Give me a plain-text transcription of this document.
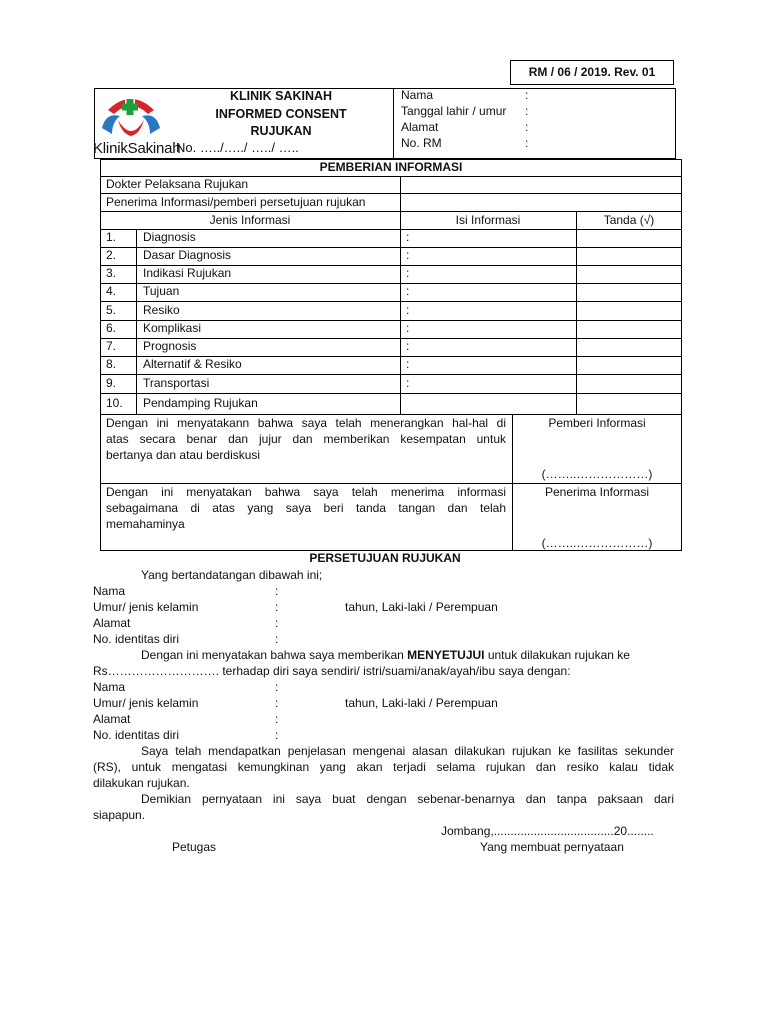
RM / 06 / 2019. Rev. 01
KlinikSakinah
KLINIK SAKINAH
INFORMED CONSENT
RUJUKAN
No. …../…../ …../ …..
Nama	:
Tanggal lahir / umur :
Alamat	:
No. RM	:
PEMBERIAN INFORMASI
Dokter Pelaksana Rujukan
Penerima Informasi/pemberi persetujuan rujukan
Jenis Informasi	Isi Informasi	Tanda (√)
1. Diagnosis	:
2. Dasar Diagnosis	:
3. Indikasi Rujukan	:
4. Tujuan	:
5. Resiko	:
6. Komplikasi	:
7. Prognosis	:
8. Alternatif & Resiko	:
9. Transportasi	:
10. Pendamping Rujukan
Dengan ini menyatakann bahwa saya telah menerangkan hal-hal di
atas secara benar dan jujur dan memberikan kesempatan untuk
bertanya dan atau berdiskusi
Pemberi Informasi
(……..………………)
Dengan ini menyatakan bahwa saya telah menerima informasi
sebagaimana di atas yang saya beri tanda tangan dan telah
memahaminya
Penerima Informasi
(……..………………)
PERSETUJUAN RUJUKAN
Yang bertandatangan dibawah ini;
Nama	:
Umur/ jenis kelamin	:	tahun, Laki-laki / Perempuan
Alamat	:
No. identitas diri	:
Dengan ini menyatakan bahwa saya memberikan MENYETUJUI untuk dilakukan rujukan ke
Rs………………………. terhadap diri saya sendiri/ istri/suami/anak/ayah/ibu saya dengan:
Nama	:
Umur/ jenis kelamin	:	tahun, Laki-laki / Perempuan
Alamat	:
No. identitas diri	:
Saya telah mendapatkan penjelasan mengenai alasan dilakukan rujukan ke fasilitas sekunder
(RS), untuk mengatasi kemungkinan yang akan terjadi selama rujukan dan resiko kalau tidak
dilakukan rujukan.
Demikian pernyataan ini saya buat dengan sebenar-benarnya dan tanpa paksaan dari
siapapun.
Jombang,....................................20........
Petugas	Yang membuat pernyataan
